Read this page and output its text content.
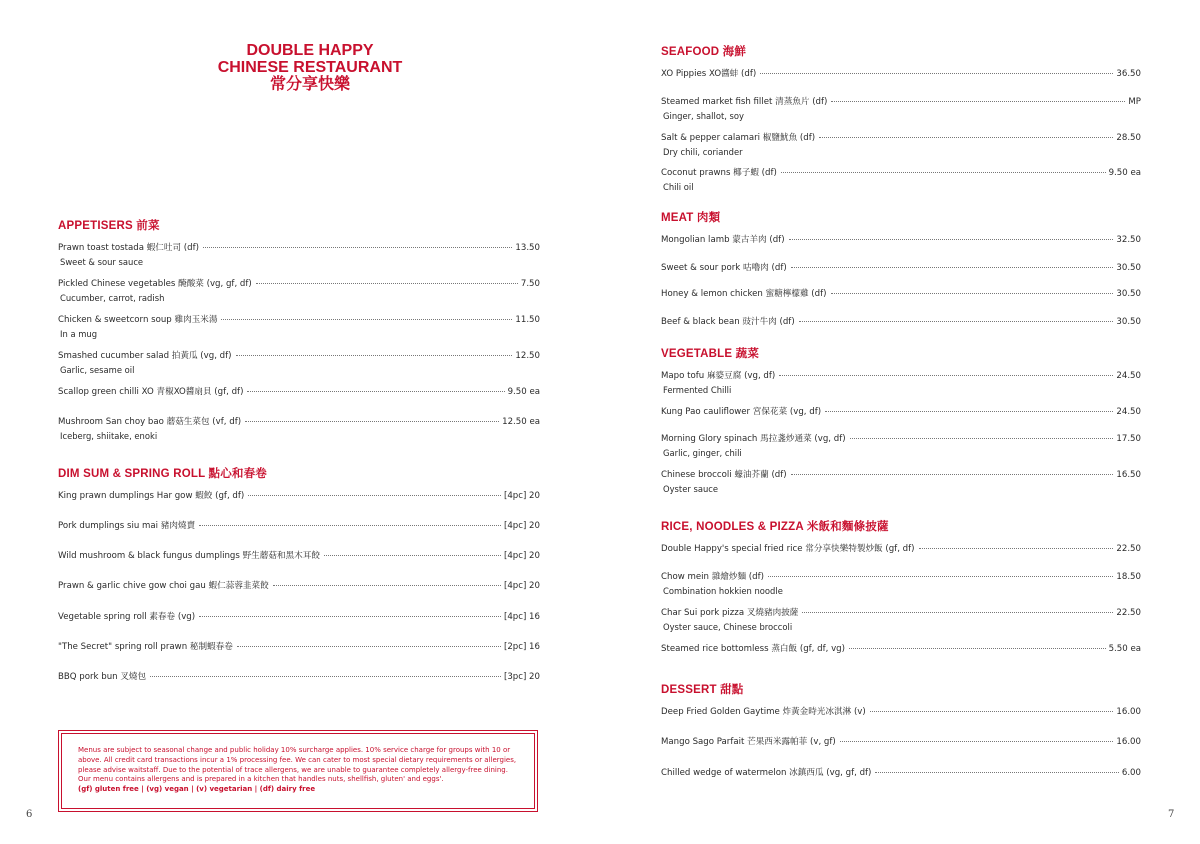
DOUBLE HAPPY
CHINESE RESTAURANT
常分享快樂
APPETISERS 前菜
Prawn toast tostada 蝦仁吐司 (df)	13.50
Sweet & sour sauce
Pickled Chinese vegetables 醃酸菜 (vg, gf, df)	7.50
Cucumber, carrot, radish
Chicken & sweetcorn soup 雞肉玉米湯	11.50
In a mug
Smashed cucumber salad 拍黃瓜 (vg, df)	12.50
Garlic, sesame oil
Scallop green chilli XO 青椒XO醬扇貝 (gf, df)	9.50 ea
Mushroom San choy bao 蘑菇生菜包 (vf, df)	12.50 ea
Iceberg, shiitake, enoki
DIM SUM & SPRING ROLL 點心和春卷
King prawn dumplings Har gow 蝦餃 (gf, df)	[4pc] 20
Pork dumplings siu mai 豬肉燒賣	[4pc] 20
Wild mushroom & black fungus dumplings 野生蘑菇和黑木耳餃	[4pc] 20
Prawn & garlic chive gow choi gau 蝦仁蒜蓉韭菜餃	[4pc] 20
Vegetable spring roll 素春卷 (vg)	[4pc] 16
"The Secret" spring roll prawn 秘制蝦春卷	[2pc] 16
BBQ pork bun 叉燒包	[3pc] 20
Menus are subject to seasonal change and public holiday 10% surcharge applies. 10% service charge for groups with 10 or above. All credit card transactions incur a 1% processing fee. We can cater to most special dietary requirements or allergies, please advise waitstaff. Due to the potential of trace allergens, we are unable to guarantee completely allergy-free dining. Our menu contains allergens and is prepared in a kitchen that handles nuts, shellfish, gluten' and eggs'.
(gf) gluten free | (vg) vegan | (v) vegetarian | (df) dairy free
6
SEAFOOD 海鮮
XO Pippies XO醬蚌 (df)	36.50
Steamed market fish fillet 清蒸魚片 (df)	MP
Ginger, shallot, soy
Salt & pepper calamari 椒鹽魷魚 (df)	28.50
Dry chili, coriander
Coconut prawns 椰子蝦 (df)	9.50 ea
Chili oil
MEAT 肉類
Mongolian lamb 蒙古羊肉 (df)	32.50
Sweet & sour pork 咕嚕肉 (df)	30.50
Honey & lemon chicken 蜜糖檸檬雞 (df)	30.50
Beef & black bean 豉汁牛肉 (df)	30.50
VEGETABLE 蔬菜
Mapo tofu 麻婆豆腐 (vg, df)	24.50
Fermented Chilli
Kung Pao cauliflower 宮保花菜 (vg, df)	24.50
Morning Glory spinach 馬拉盞炒通菜 (vg, df)	17.50
Garlic, ginger, chili
Chinese broccoli 蠔油芥蘭 (df)	16.50
Oyster sauce
RICE, NOODLES & PIZZA 米飯和麵條披薩
Double Happy's special fried rice 常分享快樂特製炒飯 (gf, df)	22.50
Chow mein 雜燴炒麵 (df)	18.50
Combination hokkien noodle
Char Sui pork pizza 叉燒豬肉披薩	22.50
Oyster sauce, Chinese broccoli
Steamed rice bottomless 蒸白飯 (gf, df, vg)	5.50 ea
DESSERT 甜點
Deep Fried Golden Gaytime 炸黃金時光冰淇淋 (v)	16.00
Mango Sago Parfait 芒果西米露帕菲 (v, gf)	16.00
Chilled wedge of watermelon 冰鎮西瓜 (vg, gf, df)	6.00
7
